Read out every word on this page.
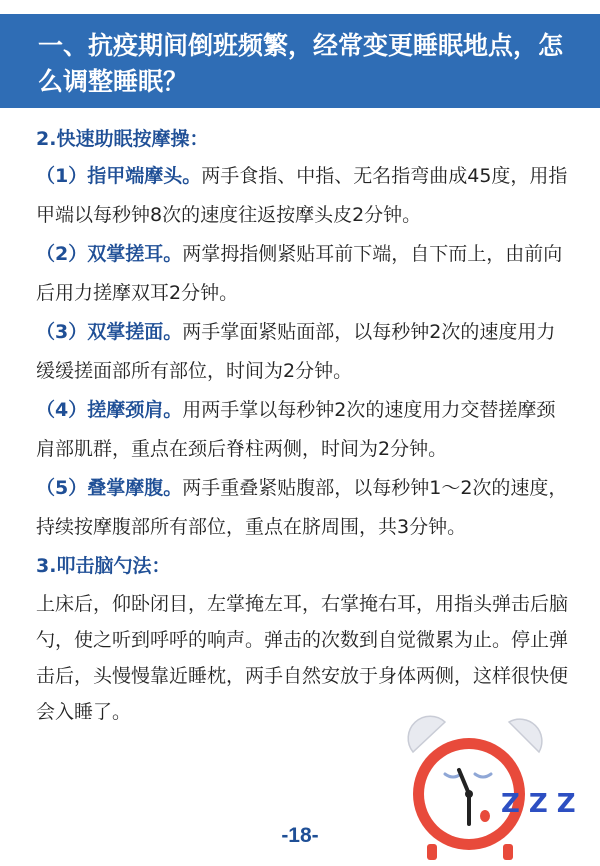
一、抗疫期间倒班频繁，经常变更睡眠地点，怎么调整睡眠？
2.快速助眠按摩操：
（1）指甲端摩头。两手食指、中指、无名指弯曲成45度，用指甲端以每秒钟8次的速度往返按摩头皮2分钟。
（2）双掌搓耳。两掌拇指侧紧贴耳前下端，自下而上，由前向后用力搓摩双耳2分钟。
（3）双掌搓面。两手掌面紧贴面部，以每秒钟2次的速度用力缓缓搓面部所有部位，时间为2分钟。
（4）搓摩颈肩。用两手掌以每秒钟2次的速度用力交替搓摩颈肩部肌群，重点在颈后脊柱两侧，时间为2分钟。
（5）叠掌摩腹。两手重叠紧贴腹部，以每秒钟1～2次的速度，持续按摩腹部所有部位，重点在脐周围，共3分钟。
3.叩击脑勺法：
上床后，仰卧闭目，左掌掩左耳，右掌掩右耳，用指头弹击后脑勺，使之听到呼呼的响声。弹击的次数到自觉微累为止。停止弹击后，头慢慢靠近睡枕，两手自然安放于身体两侧，这样很快便会入睡了。
Z Z Z
-18-
